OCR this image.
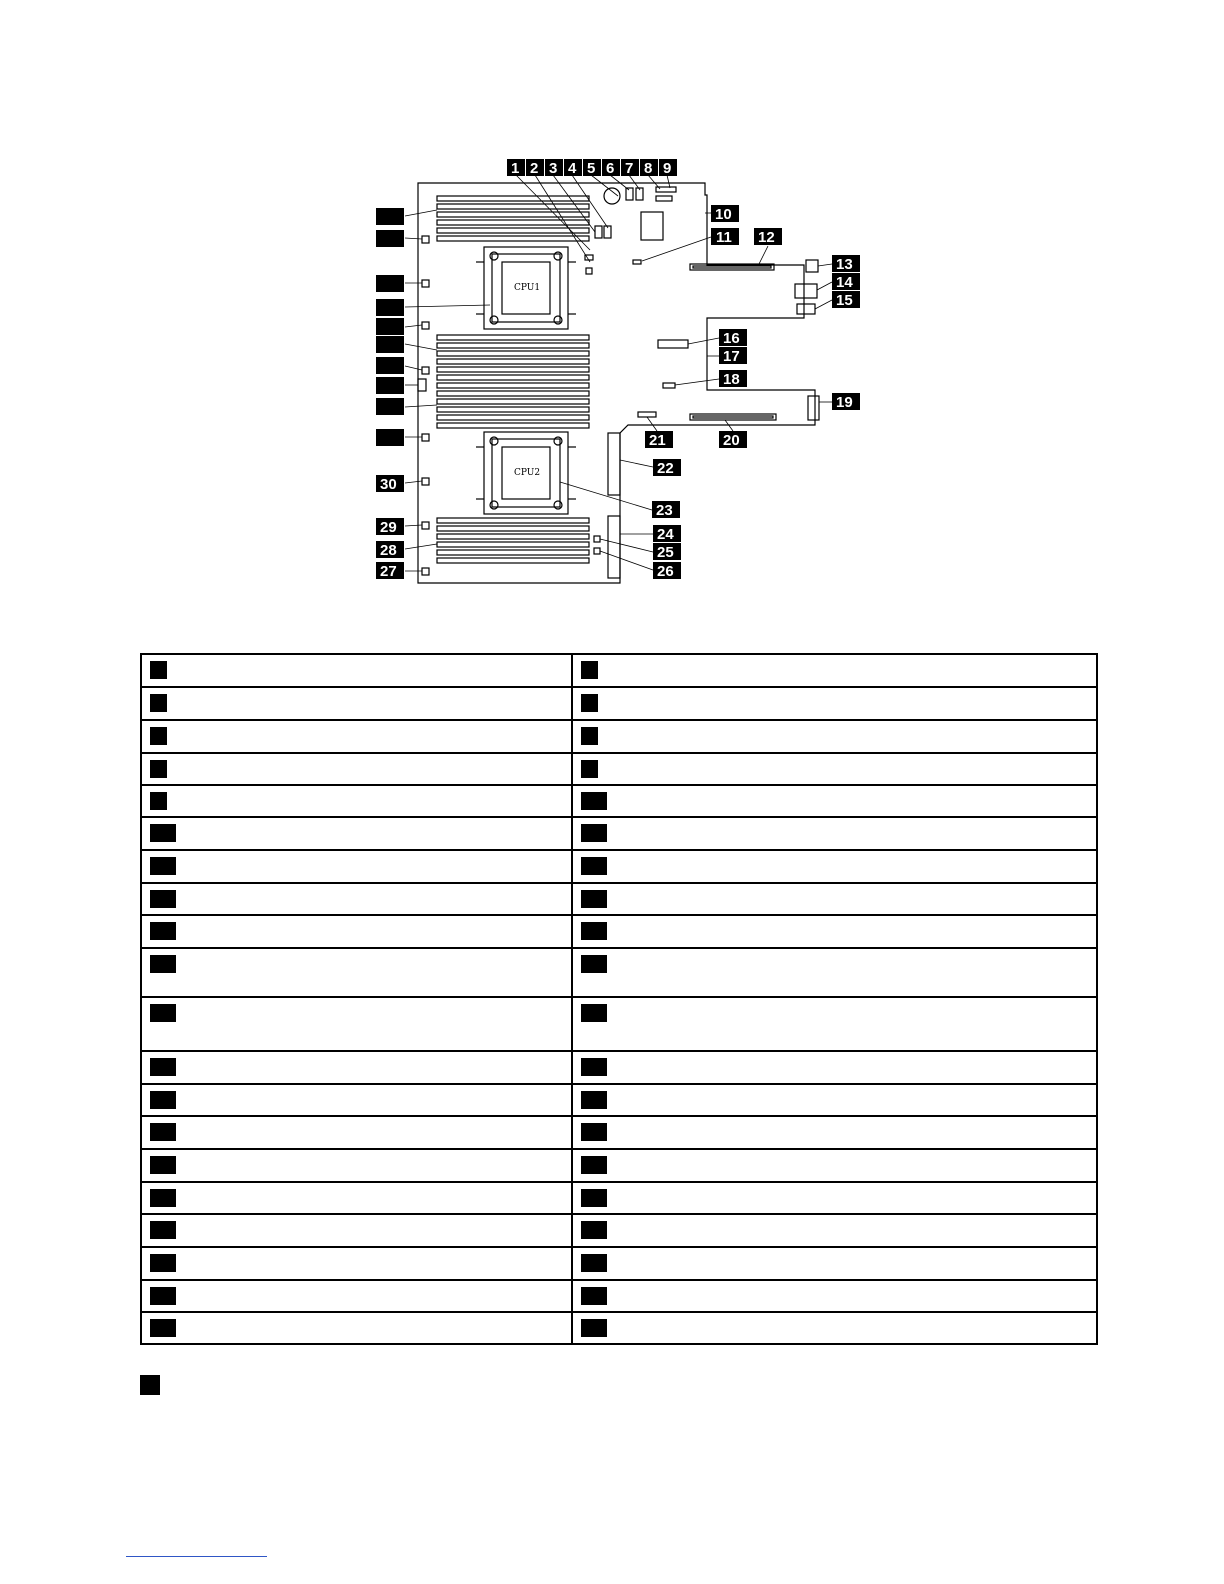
CPU1
CPU2
1 2 3 4 5 6 7 8 9
10
11 12
13
14
15
16
17
18
19
20
21
22
23
24
25
26
27
28
29
30
